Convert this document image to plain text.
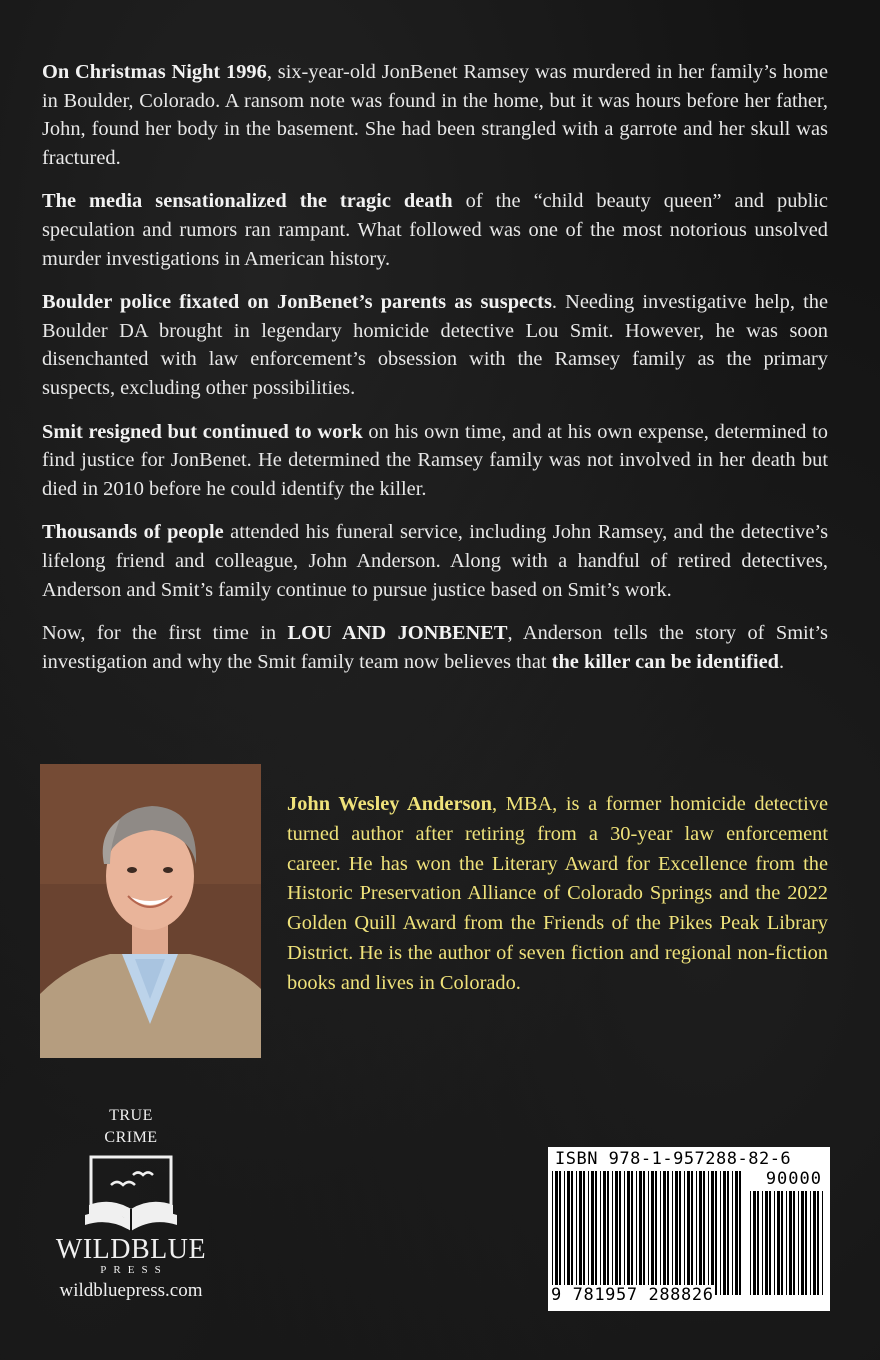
On Christmas Night 1996, six-year-old JonBenet Ramsey was murdered in her family’s home in Boulder, Colorado. A ransom note was found in the home, but it was hours before her father, John, found her body in the basement. She had been strangled with a garrote and her skull was fractured.

The media sensationalized the tragic death of the “child beauty queen” and public speculation and rumors ran rampant. What followed was one of the most notorious unsolved murder investigations in American history.

Boulder police fixated on JonBenet’s parents as suspects. Needing investigative help, the Boulder DA brought in legendary homicide detective Lou Smit. However, he was soon disenchanted with law enforcement’s obsession with the Ramsey family as the primary suspects, excluding other possibilities.

Smit resigned but continued to work on his own time, and at his own expense, determined to find justice for JonBenet. He determined the Ramsey family was not involved in her death but died in 2010 before he could identify the killer.

Thousands of people attended his funeral service, including John Ramsey, and the detective’s lifelong friend and colleague, John Anderson. Along with a handful of retired detectives, Anderson and Smit’s family continue to pursue justice based on Smit’s work.

Now, for the first time in LOU AND JONBENET, Anderson tells the story of Smit’s investigation and why the Smit family team now believes that the killer can be identified.

John Wesley Anderson, MBA, is a former homicide detective turned author after retiring from a 30-year law enforcement career. He has won the Literary Award for Excellence from the Historic Preservation Alliance of Colorado Springs and the 2022 Golden Quill Award from the Friends of the Pikes Peak Library District. He is the author of seven fiction and regional non-fiction books and lives in Colorado.

TRUE
CRIME
WILDBLUE
PRESS
wildbluepress.com
ISBN 978-1-957288-82-6
90000
9 781957 288826
